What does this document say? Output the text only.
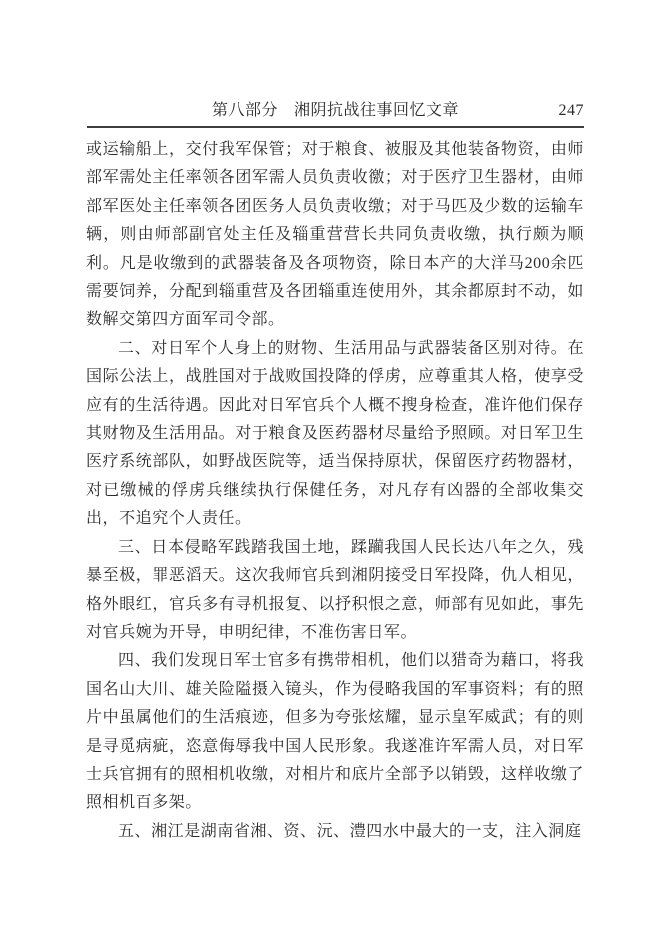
第八部分 湘阴抗战往事回忆文章	247

或运输船上，交付我军保管；对于粮食、被服及其他装备物资，由师部军需处主任率领各团军需人员负责收徼；对于医疗卫生器材，由师部军医处主任率领各团医务人员负责收缴；对于马匹及少数的运输车辆，则由师部副官处主任及辎重营营长共同负责收缴，执行颇为顺利。凡是收缴到的武器装备及各项物资，除日本产的大洋马200余匹需要饲养，分配到辎重营及各团辎重连使用外，其余都原封不动，如数解交第四方面军司令部。

二、对日军个人身上的财物、生活用品与武器装备区别对待。在国际公法上，战胜国对于战败国投降的俘虏，应尊重其人格，使享受应有的生活待遇。因此对日军官兵个人概不搜身检查，准许他们保存其财物及生活用品。对于粮食及医药器材尽量给予照顾。对日军卫生医疗系统部队，如野战医院等，适当保持原状，保留医疗药物器材，对已缴械的俘虏兵继续执行保健任务，对凡存有凶器的全部收集交出，不追究个人责任。

三、日本侵略军践踏我国土地，蹂躏我国人民长达八年之久，残暴至极，罪恶滔天。这次我师官兵到湘阴接受日军投降，仇人相见，格外眼红，官兵多有寻机报复、以抒积恨之意，师部有见如此，事先对官兵婉为开导，申明纪律，不准伤害日军。

四、我们发现日军士官多有携带相机，他们以猎奇为藉口，将我国名山大川、雄关险隘摄入镜头，作为侵略我国的军事资料；有的照片中虽属他们的生活痕迹，但多为夸张炫耀，显示皇军威武；有的则是寻觅病疵，恣意侮辱我中国人民形象。我遂准许军需人员，对日军士兵官拥有的照相机收缴，对相片和底片全部予以销毁，这样收缴了照相机百多架。

五、湘江是湖南省湘、资、沅、澧四水中最大的一支，注入洞庭
